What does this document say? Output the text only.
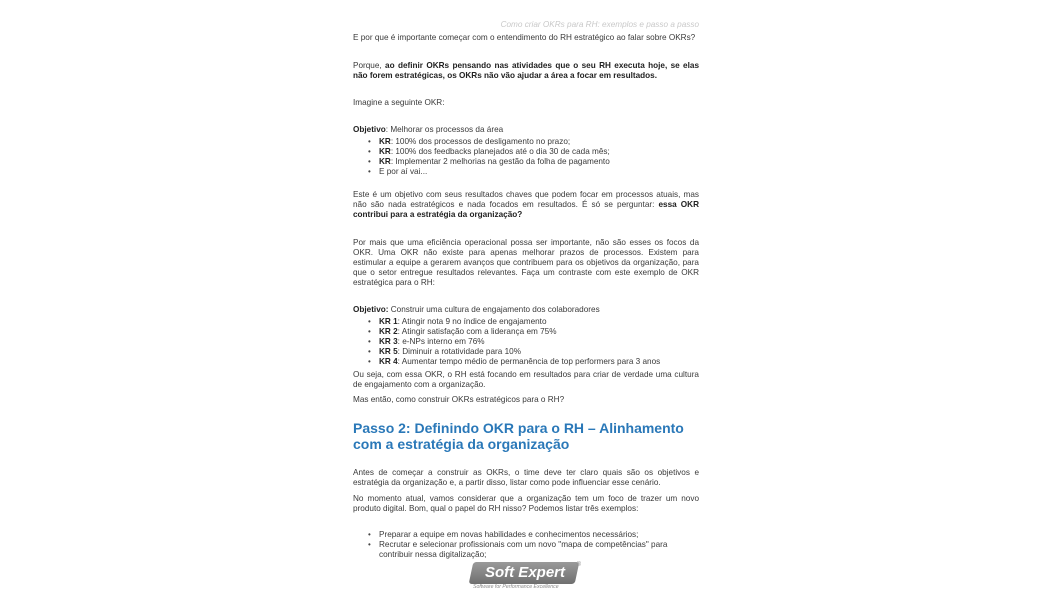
Como criar OKRs para RH: exemplos e passo a passo

E por que é importante começar com o entendimento do RH estratégico ao falar sobre OKRs?

Porque, ao definir OKRs pensando nas atividades que o seu RH executa hoje, se elas não forem estratégicas, os OKRs não vão ajudar a área a focar em resultados.

Imagine a seguinte OKR:

Objetivo: Melhorar os processos da área

• KR: 100% dos processos de desligamento no prazo;
• KR: 100% dos feedbacks planejados até o dia 30 de cada mês;
• KR: Implementar 2 melhorias na gestão da folha de pagamento
• E por aí vai...

Este é um objetivo com seus resultados chaves que podem focar em processos atuais, mas não são nada estratégicos e nada focados em resultados. É só se perguntar: essa OKR contribui para a estratégia da organização?

Por mais que uma eficiência operacional possa ser importante, não são esses os focos da OKR. Uma OKR não existe para apenas melhorar prazos de processos. Existem para estimular a equipe a gerarem avanços que contribuem para os objetivos da organização, para que o setor entregue resultados relevantes. Faça um contraste com este exemplo de OKR estratégica para o RH:

Objetivo: Construir uma cultura de engajamento dos colaboradores

• KR 1: Atingir nota 9 no índice de engajamento
• KR 2: Atingir satisfação com a liderança em 75%
• KR 3: e-NPs interno em 76%
• KR 5: Diminuir a rotatividade para 10%
• KR 4: Aumentar tempo médio de permanência de top performers para 3 anos

Ou seja, com essa OKR, o RH está focando em resultados para criar de verdade uma cultura de engajamento com a organização.

Mas então, como construir OKRs estratégicos para o RH?

Passo 2: Definindo OKR para o RH – Alinhamento com a estratégia da organização

Antes de começar a construir as OKRs, o time deve ter claro quais são os objetivos e estratégia da organização e, a partir disso, listar como pode influenciar esse cenário.

No momento atual, vamos considerar que a organização tem um foco de trazer um novo produto digital. Bom, qual o papel do RH nisso? Podemos listar três exemplos:

• Preparar a equipe em novas habilidades e conhecimentos necessários;
• Recrutar e selecionar profissionais com um novo "mapa de competências" para contribuir nessa digitalização;
Soft Expert	®
Software for Performance Excellence
